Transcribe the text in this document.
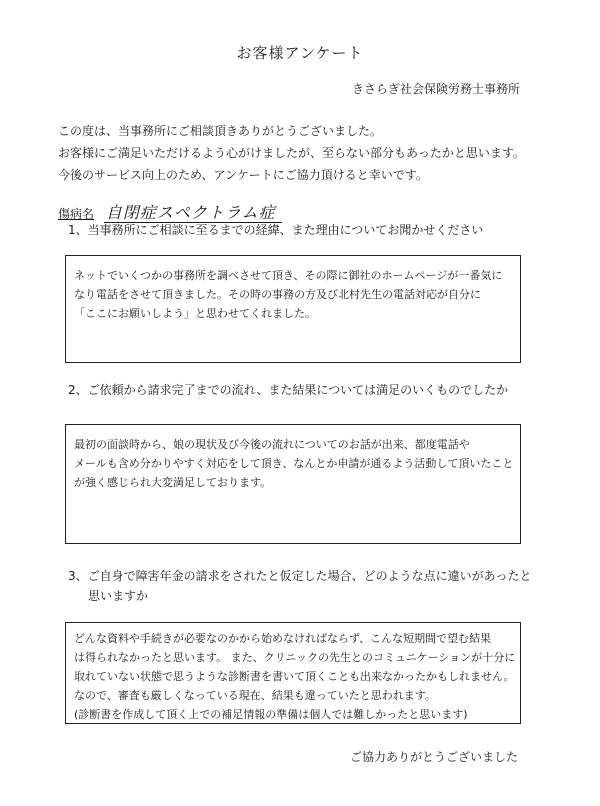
お客様アンケート
きさらぎ社会保険労務士事務所
この度は、当事務所にご相談頂きありがとうございました。
お客様にご満足いただけるよう心がけましたが、至らない部分もあったかと思います。
今後のサービス向上のため、アンケートにご協力頂けると幸いです。
傷病名 自閉症スペクトラム症
1、当事務所にご相談に至るまでの経緯、また理由についてお聞かせください
ネットでいくつかの事務所を調べさせて頂き、その際に御社のホームページが一番気に
なり電話をさせて頂きました。その時の事務の方及び北村先生の電話対応が自分に
「ここにお願いしよう」と思わせてくれました。
2、ご依頼から請求完了までの流れ、また結果については満足のいくものでしたか
最初の面談時から、娘の現状及び今後の流れについてのお話が出来、都度電話や
メールも含め分かりやすく対応をして頂き、なんとか申請が通るよう活動して頂いたこと
が強く感じられ大変満足しております。
3、ご自身で障害年金の請求をされたと仮定した場合、どのような点に違いがあったと
思いますか
どんな資料や手続きが必要なのかから始めなければならず、こんな短期間で望む結果
は得られなかったと思います。 また、クリニックの先生とのコミュニケーションが十分に
取れていない状態で思うような診断書を書いて頂くことも出来なかったかもしれません。
なので、審査も厳しくなっている現在、結果も違っていたと思われます。
(診断書を作成して頂く上での補足情報の準備は個人では難しかったと思います)
ご協力ありがとうございました
